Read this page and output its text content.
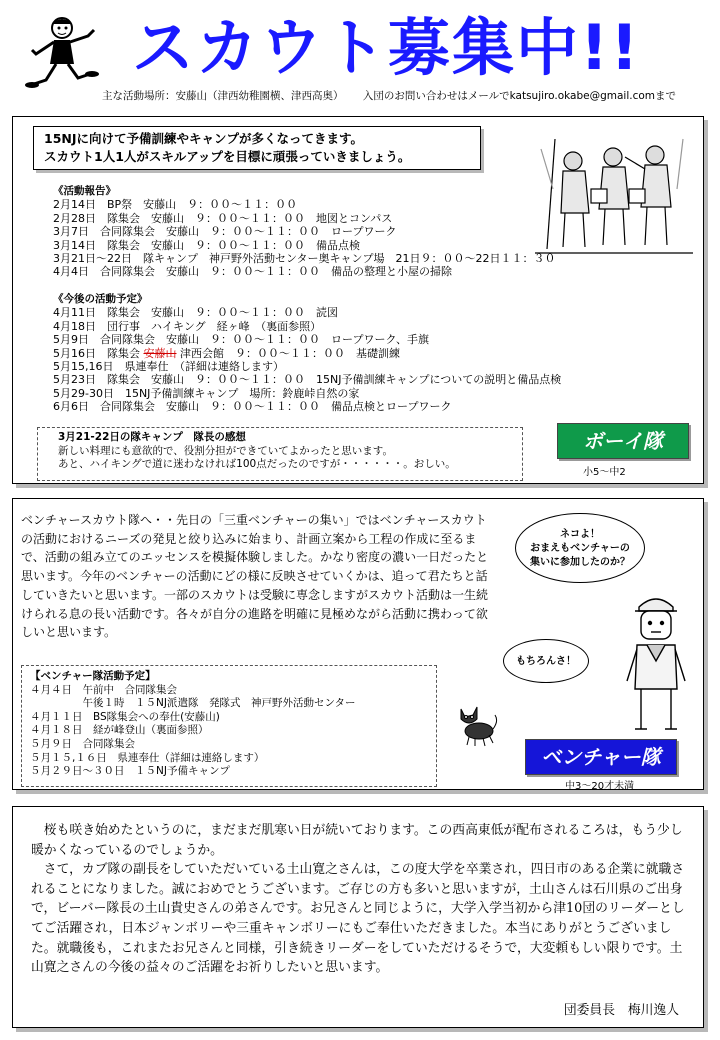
スカウト募集中!!
主な活動場所：安藤山（津西幼稚園横、津西高奥） 入団のお問い合わせはメールでkatsujiro.okabe@gmail.comまで
15NJに向けて予備訓練やキャンプが多くなってきます。
スカウト1人1人がスキルアップを目標に頑張っていきましょう。
《活動報告》
2月14日　BP祭　安藤山　９：００～１１：００
2月28日　隊集会　安藤山　９：００～１１：００　地図とコンパス
3月7日　合同隊集会　安藤山　９：００～１１：００　ロープワーク
3月14日　隊集会　安藤山　９：００～１１：００　備品点検
3月21日～22日　隊キャンプ　神戸野外活動センター奥キャンプ場　21日９：００～22日１１：３０
4月4日　合同隊集会　安藤山　９：００～１１：００　備品の整理と小屋の掃除
《今後の活動予定》
4月11日　隊集会　安藤山　９：００～１１：００　読図
4月18日　団行事　ハイキング　経ヶ峰　（裏面参照）
5月9日　合同隊集会　安藤山　９：００～１１：００　ロープワーク、手旗
5月16日　隊集会 安藤山 津西会館　９：００～１１：００　基礎訓練
5月15,16日　県連奉仕　（詳細は連絡します）
5月23日　隊集会　安藤山　９：００～１１：００　15NJ予備訓練キャンプについての説明と備品点検
5月29-30日　15NJ予備訓練キャンプ　場所：鈴鹿峠自然の家
6月6日　合同隊集会　安藤山　９：００～１１：００　備品点検とロープワーク
3月21-22日の隊キャンプ　隊長の感想
新しい料理にも意欲的で、役割分担ができていてよかったと思います。
あと、ハイキングで道に迷わなければ100点だったのですが・・・・・・。おしい。
ボーイ隊
小5～中2
ベンチャースカウト隊へ・・先日の「三重ベンチャーの集い」ではベンチャースカウトの活動におけるニーズの発見と絞り込みに始まり、計画立案から工程の作成に至るまで、活動の組み立てのエッセンスを模擬体験しました。かなり密度の濃い一日だったと思います。今年のベンチャーの活動にどの様に反映させていくかは、追って君たちと話していきたいと思います。一部のスカウトは受験に専念しますがスカウト活動は一生続けられる息の長い活動です。各々が自分の進路を明確に見極めながら活動に携わって欲しいと思います。
ネコよ！
おまえもベンチャーの
集いに参加したのか？
もちろんさ！
【ベンチャー隊活動予定】
４月４日　午前中　合同隊集会
　　　　　午後１時　１５NJ派遣隊　発隊式　神戸野外活動センター
４月１１日　BS隊集会への奉仕(安藤山)
４月１８日　経が峰登山（裏面参照）
５月９日　合同隊集会
５月１５,１６日　県連奉仕（詳細は連絡します）
５月２９日～３０日　１５NJ予備キャンプ
ベンチャー隊
中3～20才未満

桜も咲き始めたというのに，まだまだ肌寒い日が続いております。この西高東低が配布されるころは，もう少し暖かくなっているのでしょうか。

さて，カブ隊の副長をしていただいている土山寛之さんは，この度大学を卒業され，四日市のある企業に就職されることになりました。誠におめでとうございます。ご存じの方も多いと思いますが，土山さんは石川県のご出身で，ビーバー隊長の土山貴史さんの弟さんです。お兄さんと同じように，大学入学当初から津10団のリーダーとしてご活躍され，日本ジャンボリーや三重キャンボリーにもご奉仕いただきました。本当にありがとうございました。就職後も，これまたお兄さんと同様，引き続きリーダーをしていただけるそうで，大変頼もしい限りです。土山寛之さんの今後の益々のご活躍をお祈りしたいと思います。

団委員長　梅川逸人
